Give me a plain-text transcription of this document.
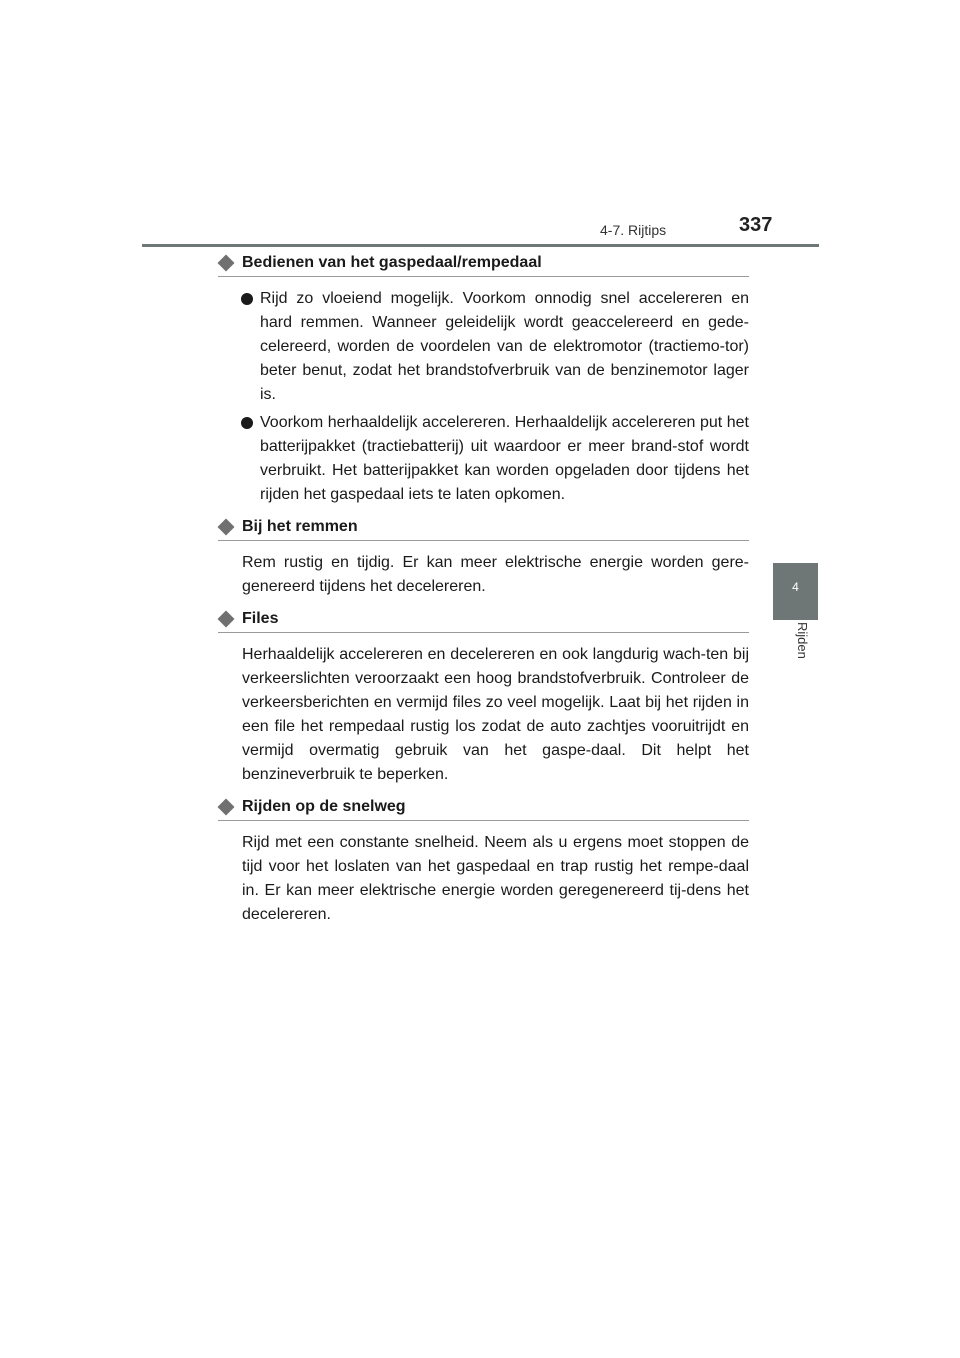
4-7. Rijtips	337
4
Rijden
Bedienen van het gaspedaal/rempedaal
Rijd zo vloeiend mogelijk. Voorkom onnodig snel accelereren en hard remmen. Wanneer geleidelijk wordt geaccelereerd en gede-celereerd, worden de voordelen van de elektromotor (tractiemo-tor) beter benut, zodat het brandstofverbruik van de benzinemotor lager is.
Voorkom herhaaldelijk accelereren. Herhaaldelijk accelereren put het batterijpakket (tractiebatterij) uit waardoor er meer brand-stof wordt verbruikt. Het batterijpakket kan worden opgeladen door tijdens het rijden het gaspedaal iets te laten opkomen.
Bij het remmen
Rem rustig en tijdig. Er kan meer elektrische energie worden gere-genereerd tijdens het decelereren.
Files
Herhaaldelijk accelereren en decelereren en ook langdurig wach-ten bij verkeerslichten veroorzaakt een hoog brandstofverbruik. Controleer de verkeersberichten en vermijd files zo veel mogelijk. Laat bij het rijden in een file het rempedaal rustig los zodat de auto zachtjes vooruitrijdt en vermijd overmatig gebruik van het gaspe-daal. Dit helpt het benzineverbruik te beperken.
Rijden op de snelweg
Rijd met een constante snelheid. Neem als u ergens moet stoppen de tijd voor het loslaten van het gaspedaal en trap rustig het rempe-daal in. Er kan meer elektrische energie worden geregenereerd tij-dens het decelereren.
